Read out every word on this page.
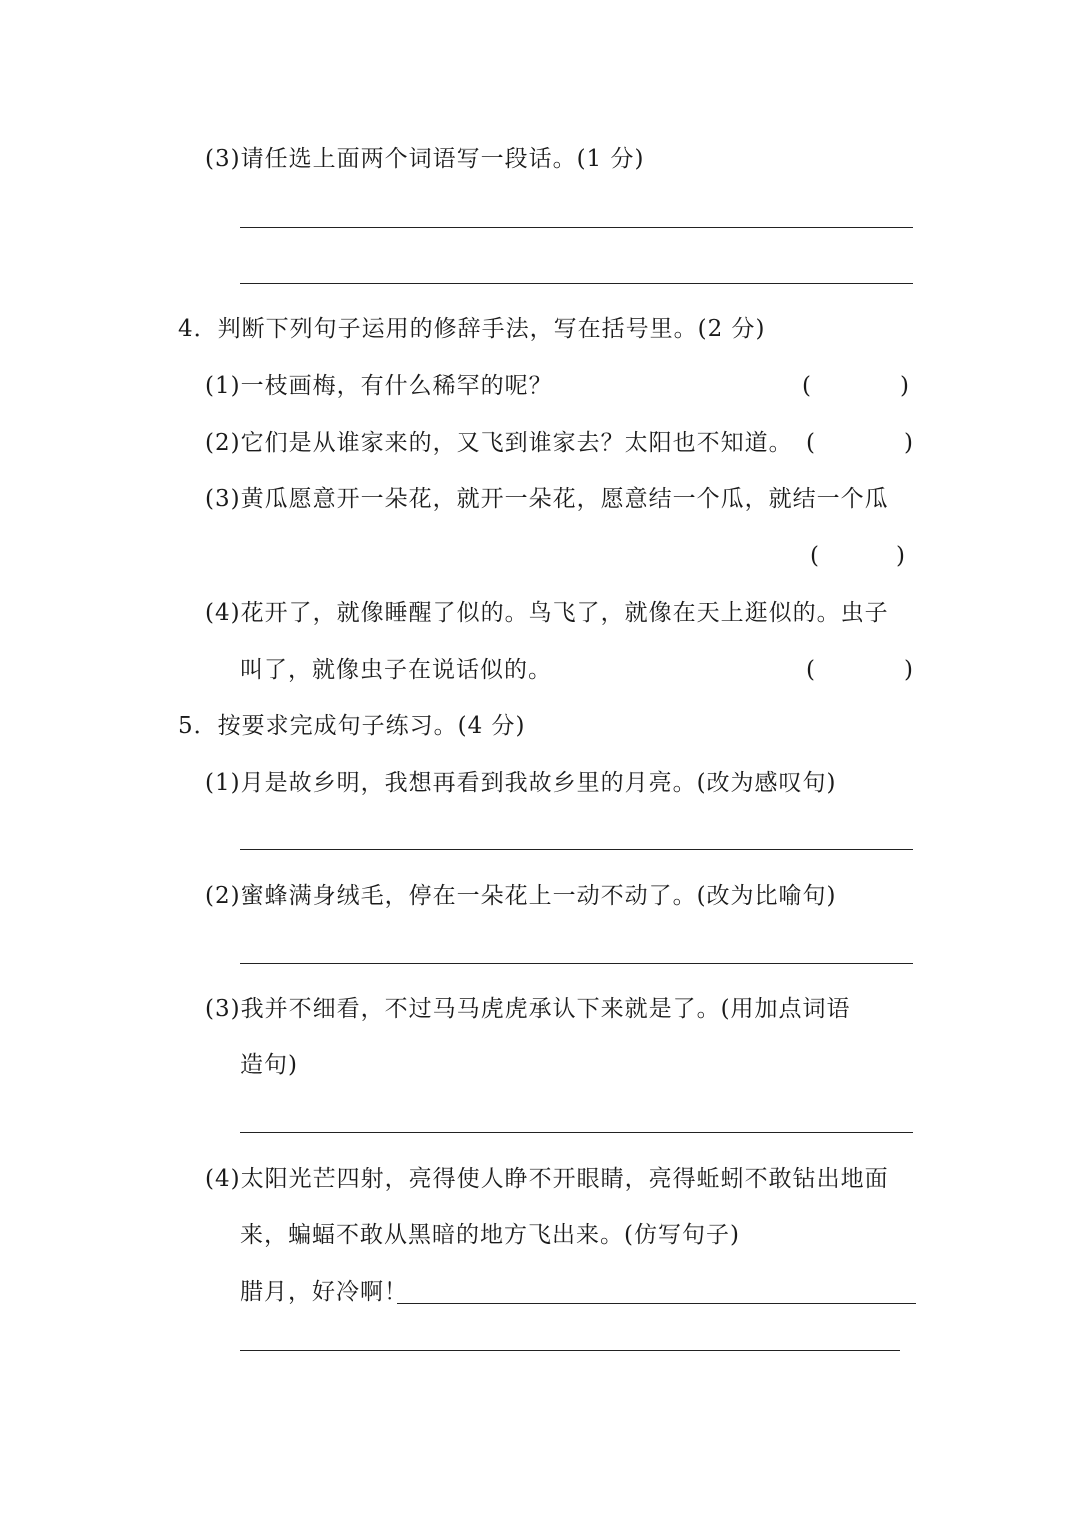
(3)请任选上面两个词语写一段话。(1 分)
4．判断下列句子运用的修辞手法，写在括号里。(2 分)
(1)一枝画梅，有什么稀罕的呢？	(	)
(2)它们是从谁家来的，又飞到谁家去？太阳也不知道。 (	)
(3)黄瓜愿意开一朵花，就开一朵花，愿意结一个瓜，就结一个瓜
(	)
(4)花开了，就像睡醒了似的。鸟飞了，就像在天上逛似的。虫子
叫了，就像虫子在说话似的。	(	)
5．按要求完成句子练习。(4 分)
(1)月是故乡明，我想再看到我故乡里的月亮。(改为感叹句)
(2)蜜蜂满身绒毛，停在一朵花上一动不动了。(改为比喻句)
(3)我并不细看，不过马马虎虎承认下来就是了。(用加点词语
造句)
(4)太阳光芒四射，亮得使人睁不开眼睛，亮得蚯蚓不敢钻出地面
来，蝙蝠不敢从黑暗的地方飞出来。(仿写句子)
腊月，好冷啊！
